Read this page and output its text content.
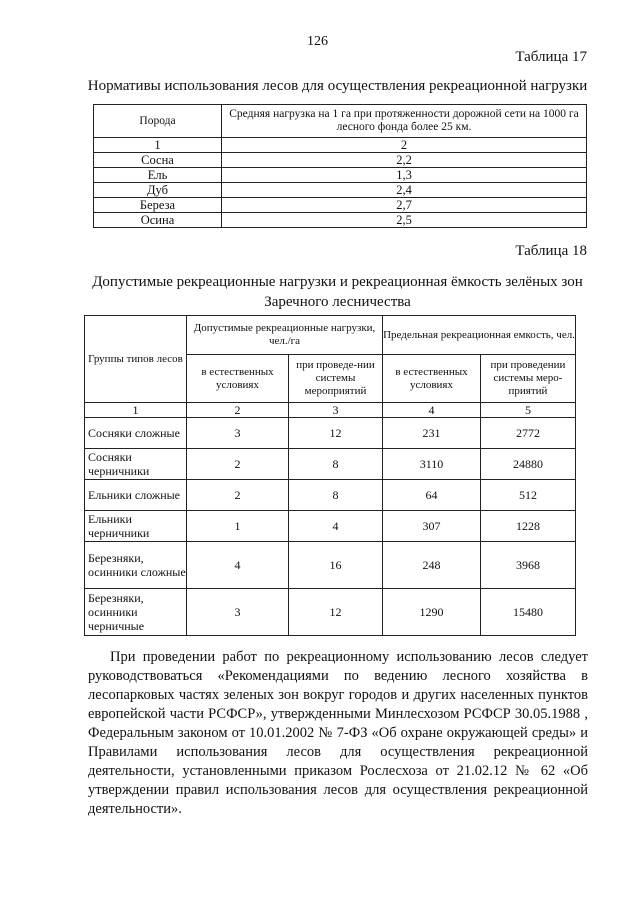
126
Таблица 17
Нормативы использования лесов для осуществления рекреационной нагрузки
Порода	Средняя нагрузка на 1 га при протяженности дорожной сети на 1000 га лесного фонда более 25 км.
1	2
Сосна	2,2
Ель	1,3
Дуб	2,4
Береза	2,7
Осина	2,5
Таблица 18
Допустимые рекреационные нагрузки и рекреационная ёмкость зелёных зон
Заречного лесничества
Группы типов лесов	Допустимые рекреационные нагрузки, чел./га		Предельная рекреационная емкость, чел.	
	в естественных условиях	при проведе-нии системы мероприятий	в естественных условиях	при проведении системы меро-приятий
1	2	3	4	5
Сосняки сложные	3	12	231	2772
Сосняки черничники	2	8	3110	24880
Ельники сложные	2	8	64	512
Ельники черничники	1	4	307	1228
Березняки, осинники сложные	4	16	248	3968
Березняки, осинники черничные	3	12	1290	15480
При проведении работ по рекреационному использованию лесов следует руководствоваться «Рекомендациями по ведению лесного хозяйства в лесопарковых частях зеленых зон вокруг городов и других населенных пунктов европейской части РСФСР», утвержденными Минлесхозом РСФСР 30.05.1988 , Федеральным законом от 10.01.2002 № 7-ФЗ «Об охране окружающей среды» и Правилами использования лесов для осуществления рекреационной деятельности, установленными приказом Рослесхоза от 21.02.12 № 62 «Об утверждении правил использования лесов для осуществления рекреационной деятельности».
